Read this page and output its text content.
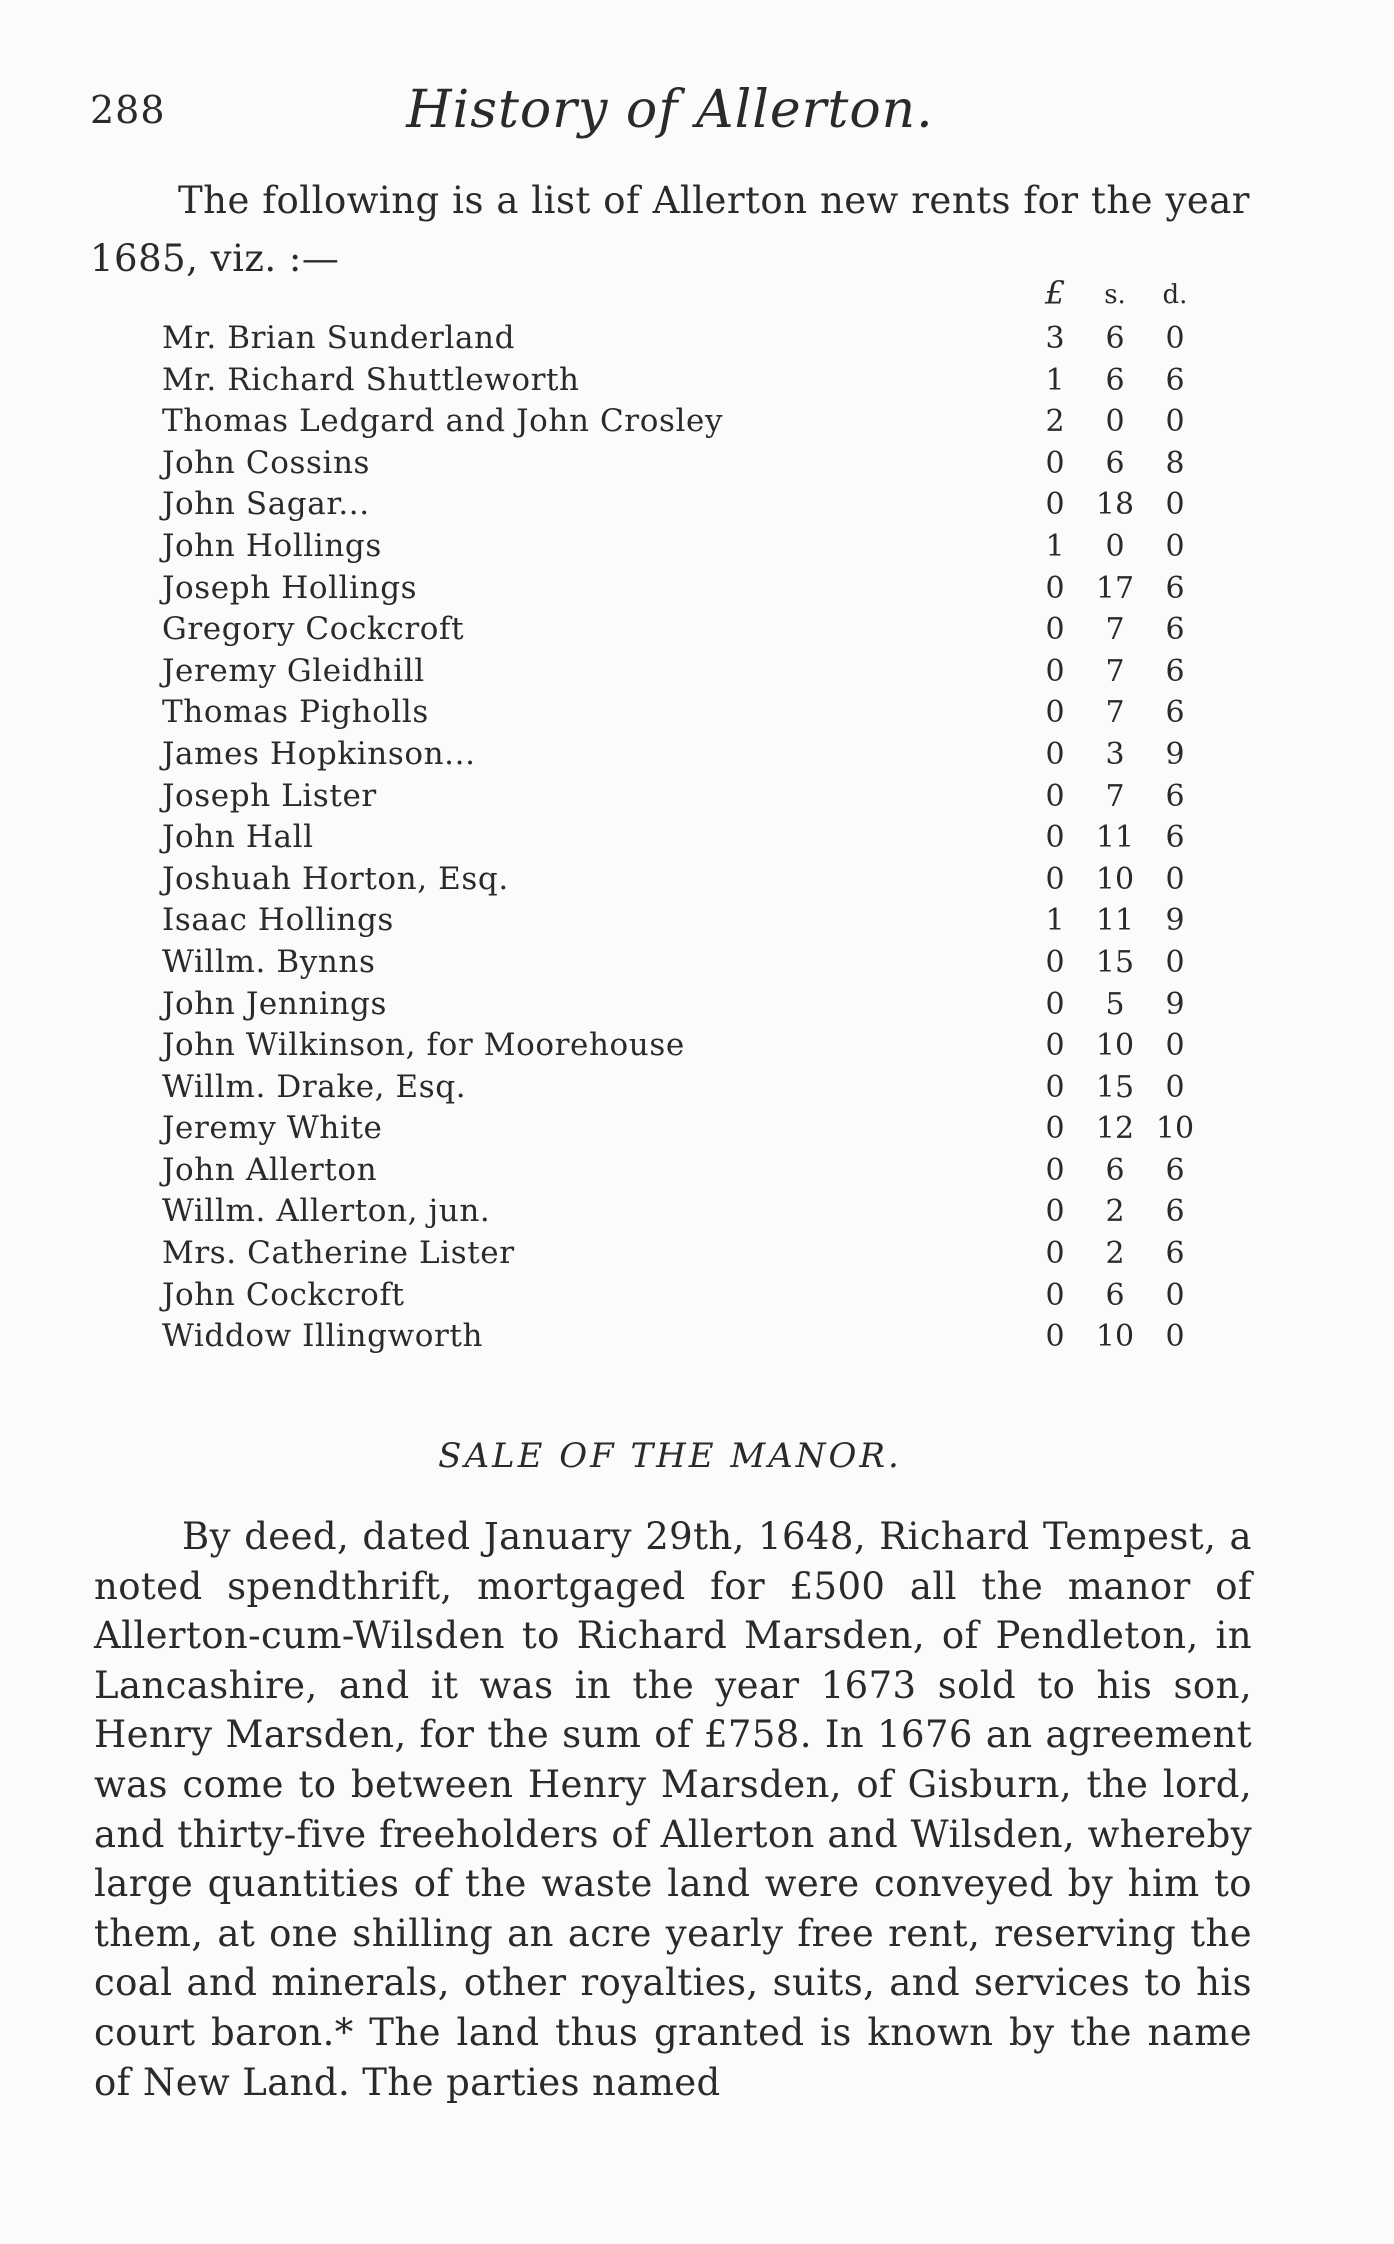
288	History of Allerton.

The following is a list of Allerton new rents for the year 1685, viz. :—

£	s.	d.
Mr. Brian Sunderland	3	6	0
Mr. Richard Shuttleworth	1	6	6
Thomas Ledgard and John Crosley	2	0	0
John Cossins	0	6	8
John Sagar...	0	18	0
John Hollings	1	0	0
Joseph Hollings	0	17	6
Gregory Cockcroft	0	7	6
Jeremy Gleidhill	0	7	6
Thomas Pigholls	0	7	6
James Hopkinson...	0	3	9
Joseph Lister	0	7	6
John Hall	0	11	6
Joshuah Horton, Esq.	0	10	0
Isaac Hollings	1	11	9
Willm. Bynns	0	15	0
John Jennings	0	5	9
John Wilkinson, for Moorehouse	0	10	0
Willm. Drake, Esq.	0	15	0
Jeremy White	0	12 10
John Allerton	0	6	6
Willm. Allerton, jun.	0	2	6
Mrs. Catherine Lister	0	2	6
John Cockcroft	0	6	0
Widdow Illingworth	0	10	0
SALE OF THE MANOR.

By deed, dated January 29th, 1648, Richard Tempest, a noted spendthrift, mortgaged for £500 all the manor of Allerton-cum-Wilsden to Richard Marsden, of Pendleton, in Lancashire, and it was in the year 1673 sold to his son, Henry Marsden, for the sum of £758. In 1676 an agreement was come to between Henry Marsden, of Gisburn, the lord, and thirty-five freeholders of Allerton and Wilsden, whereby large quantities of the waste land were conveyed by him to them, at one shilling an acre yearly free rent, reserving the coal and minerals, other royalties, suits, and services to his court baron.* The land thus granted is known by the name of New Land. The parties named
